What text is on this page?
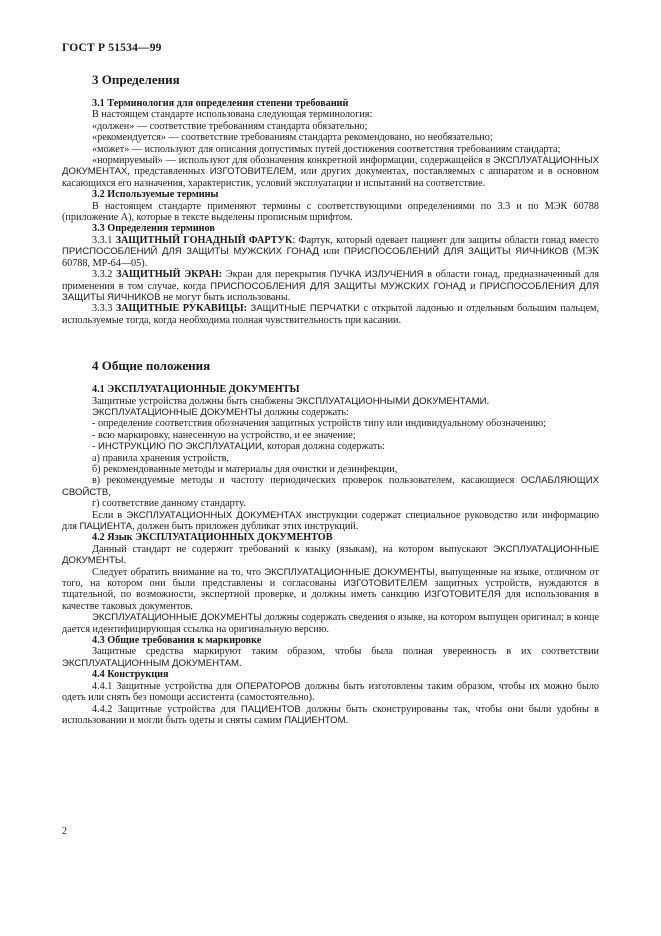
ГОСТ Р 51534—99
3 Определения
3.1 Терминология для определения степени требований

В настоящем стандарте использована следующая терминология:

«должен» — соответствие требованиям стандарта обязательно;

«рекомендуется» — соответствие требованиям стандарта рекомендовано, но необязательно;

«может» — используют для описания допустимых путей достижения соответствия требованиям стандарта;

«нормируемый» — используют для обозначения конкретной информации, содержащейся в ЭКСПЛУАТАЦИОННЫХ ДОКУМЕНТАХ, представленных ИЗГОТОВИТЕЛЕМ, или других документах, поставляемых с аппаратом и в основном касающихся его назначения, характеристик, условий эксплуатации и испытаний на соответствие.

3.2 Используемые термины

В настоящем стандарте применяют термины с соответствующими определениями по 3.3 и по МЭК 60788 (приложение А), которые в тексте выделены прописным шрифтом.

3.3 Определения терминов

3.3.1 ЗАЩИТНЫЙ ГОНАДНЫЙ ФАРТУК: Фартук, который одевает пациент для защиты области гонад вместо ПРИСПОСОБЛЕНИЙ ДЛЯ ЗАЩИТЫ МУЖСКИХ ГОНАД или ПРИСПОСОБЛЕНИЙ ДЛЯ ЗАЩИТЫ ЯИЧНИКОВ (МЭК 60788, МР-64—05).

3.3.2 ЗАЩИТНЫЙ ЭКРАН: Экран для перекрытия ПУЧКА ИЗЛУЧЕНИЯ в области гонад, предназначенный для применения в том случае, когда ПРИСПОСОБЛЕНИЯ ДЛЯ ЗАЩИТЫ МУЖСКИХ ГОНАД и ПРИСПОСОБЛЕНИЯ ДЛЯ ЗАЩИТЫ ЯИЧНИКОВ не могут быть использованы.

3.3.3 ЗАЩИТНЫЕ РУКАВИЦЫ: ЗАЩИТНЫЕ ПЕРЧАТКИ с открытой ладонью и отдельным большим пальцем, используемые тогда, когда необходима полная чувствительность при касании.

4 Общие положения
4.1 ЭКСПЛУАТАЦИОННЫЕ ДОКУМЕНТЫ

Защитные устройства должны быть снабжены ЭКСПЛУАТАЦИОННЫМИ ДОКУМЕНТАМИ.

ЭКСПЛУАТАЦИОННЫЕ ДОКУМЕНТЫ должны содержать:

- определение соответствия обозначения защитных устройств типу или индивидуальному обозначению;

- всю маркировку, нанесенную на устройство, и ее значение;

- ИНСТРУКЦИЮ ПО ЭКСПЛУАТАЦИИ, которая должна содержать:

а) правила хранения устройств,

б) рекомендованные методы и материалы для очистки и дезинфекции,

в) рекомендуемые методы и частоту периодических проверок пользователем, касающиеся ОСЛАБЛЯЮЩИХ СВОЙСТВ,

г) соответствие данному стандарту.

Если в ЭКСПЛУАТАЦИОННЫХ ДОКУМЕНТАХ инструкции содержат специальное руководство или информацию для ПАЦИЕНТА, должен быть приложен дубликат этих инструкций.

4.2 Язык ЭКСПЛУАТАЦИОННЫХ ДОКУМЕНТОВ

Данный стандарт не содержит требований к языку (языкам), на котором выпускают ЭКСПЛУАТАЦИОННЫЕ ДОКУМЕНТЫ.

Следует обратить внимание на то, что ЭКСПЛУАТАЦИОННЫЕ ДОКУМЕНТЫ, выпущенные на языке, отличном от того, на котором они были представлены и согласованы ИЗГОТОВИТЕЛЕМ защитных устройств, нуждаются в тщательной, по возможности, экспертной проверке, и должны иметь санкцию ИЗГОТОВИТЕЛЯ для использования в качестве таковых документов.

ЭКСПЛУАТАЦИОННЫЕ ДОКУМЕНТЫ должны содержать сведения о языке, на котором выпущен оригинал; в конце дается идентифицирующая ссылка на оригинальную версию.

4.3 Общие требования к маркировке

Защитные средства маркируют таким образом, чтобы была полная уверенность в их соответствии ЭКСПЛУАТАЦИОННЫМ ДОКУМЕНТАМ.

4.4 Конструкция

4.4.1 Защитные устройства для ОПЕРАТОРОВ должны быть изготовлены таким образом, чтобы их можно было одеть или снять без помощи ассистента (самостоятельно).

4.4.2 Защитные устройства для ПАЦИЕНТОВ должны быть сконструированы так, чтобы они были удобны в использовании и могли быть одеты и сняты самим ПАЦИЕНТОМ.

2
